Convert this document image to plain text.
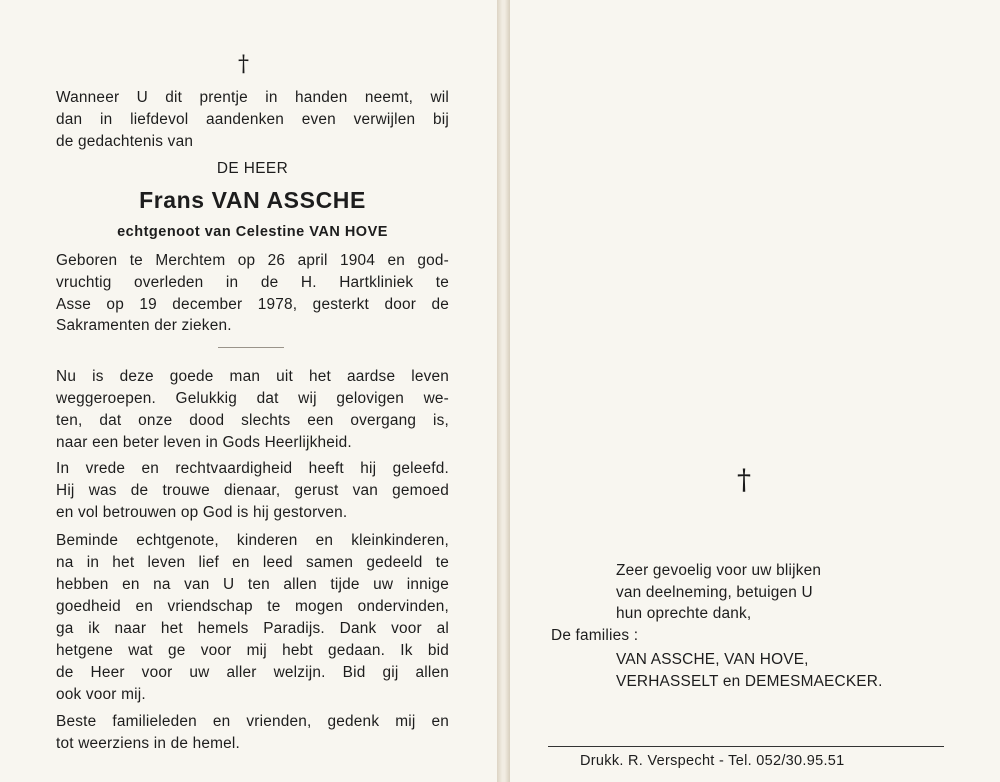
†
Wanneer U dit prentje in handen neemt, wil
dan in liefdevol aandenken even verwijlen bij
de gedachtenis van
DE HEER
Frans VAN ASSCHE
echtgenoot van Celestine VAN HOVE
Geboren te Merchtem op 26 april 1904 en god-
vruchtig overleden in de H. Hartkliniek te
Asse op 19 december 1978, gesterkt door de
Sakramenten der zieken.
Nu is deze goede man uit het aardse leven
weggeroepen. Gelukkig dat wij gelovigen we-
ten, dat onze dood slechts een overgang is,
naar een beter leven in Gods Heerlijkheid.
In vrede en rechtvaardigheid heeft hij geleefd.
Hij was de trouwe dienaar, gerust van gemoed
en vol betrouwen op God is hij gestorven.
Beminde echtgenote, kinderen en kleinkinderen,
na in het leven lief en leed samen gedeeld te
hebben en na van U ten allen tijde uw innige
goedheid en vriendschap te mogen ondervinden,
ga ik naar het hemels Paradijs. Dank voor al
hetgene wat ge voor mij hebt gedaan. Ik bid
de Heer voor uw aller welzijn. Bid gij allen
ook voor mij.
Beste familieleden en vrienden, gedenk mij en
tot weerziens in de hemel.
†
Zeer gevoelig voor uw blijken
van deelneming, betuigen U
hun oprechte dank,
De families :
VAN ASSCHE, VAN HOVE,
VERHASSELT en DEMESMAECKER.
Drukk. R. Verspecht - Tel. 052/30.95.51
